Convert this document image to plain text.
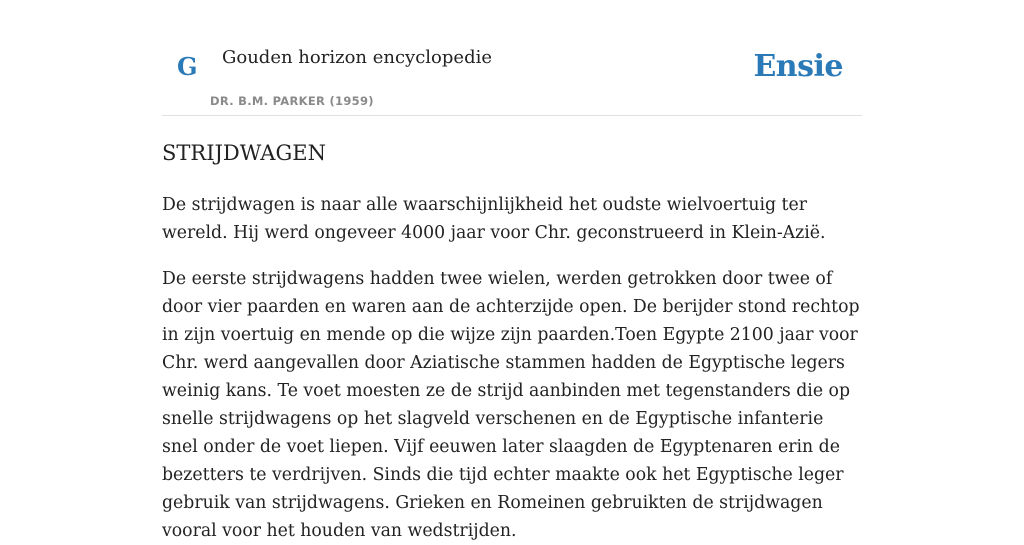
G Gouden horizon encyclopedie
DR. B.M. PARKER (1959)
Ensie
STRIJDWAGEN

De strijdwagen is naar alle waarschijnlijkheid het oudste wielvoertuig ter wereld. Hij werd ongeveer 4000 jaar voor Chr. geconstrueerd in Klein-Azië.

De eerste strijdwagens hadden twee wielen, werden getrokken door twee of door vier paarden en waren aan de achterzijde open. De berijder stond rechtop in zijn voertuig en mende op die wijze zijn paarden.Toen Egypte 2100 jaar voor Chr. werd aangevallen door Aziatische stammen hadden de Egyptische legers weinig kans. Te voet moesten ze de strijd aanbinden met tegenstanders die op snelle strijdwagens op het slagveld verschenen en de Egyptische infanterie snel onder de voet liepen. Vijf eeuwen later slaagden de Egyptenaren erin de bezetters te verdrijven. Sinds die tijd echter maakte ook het Egyptische leger gebruik van strijdwagens. Grieken en Romeinen gebruikten de strijdwagen vooral voor het houden van wedstrijden.
